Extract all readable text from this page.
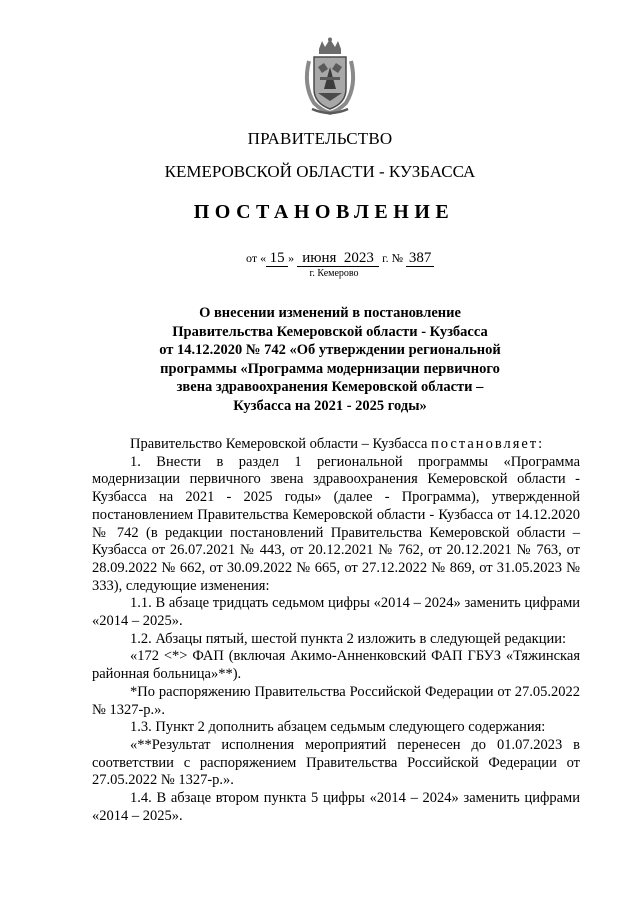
ПРАВИТЕЛЬСТВО
КЕМЕРОВСКОЙ ОБЛАСТИ - КУЗБАССА
ПОСТАНОВЛЕНИЕ
от « 15 » июня 2023 г. № 387
г. Кемерово
О внесении изменений в постановление
Правительства Кемеровской области - Кузбасса
от 14.12.2020 № 742 «Об утверждении региональной
программы «Программа модернизации первичного
звена здравоохранения Кемеровской области –
Кузбасса на 2021 - 2025 годы»

Правительство Кемеровской области – Кузбасса постановляет:

1. Внести в раздел 1 региональной программы «Программа модернизации первичного звена здравоохранения Кемеровской области - Кузбасса на 2021 - 2025 годы» (далее - Программа), утвержденной постановлением Правительства Кемеровской области - Кузбасса от 14.12.2020 № 742 (в редакции постановлений Правительства Кемеровской области – Кузбасса от 26.07.2021 № 443, от 20.12.2021 № 762, от 20.12.2021 № 763, от 28.09.2022 № 662, от 30.09.2022 № 665, от 27.12.2022 № 869, от 31.05.2023 № 333), следующие изменения:

1.1. В абзаце тридцать седьмом цифры «2014 – 2024» заменить цифрами «2014 – 2025».

1.2. Абзацы пятый, шестой пункта 2 изложить в следующей редакции:

«172 <*> ФАП (включая Акимо-Анненковский ФАП ГБУЗ «Тяжинская районная больница»**).

*По распоряжению Правительства Российской Федерации от 27.05.2022 № 1327-р.».

1.3. Пункт 2 дополнить абзацем седьмым следующего содержания:

«**Результат исполнения мероприятий перенесен до 01.07.2023 в соответствии с распоряжением Правительства Российской Федерации от 27.05.2022 № 1327-р.».

1.4. В абзаце втором пункта 5 цифры «2014 – 2024» заменить цифрами «2014 – 2025».
